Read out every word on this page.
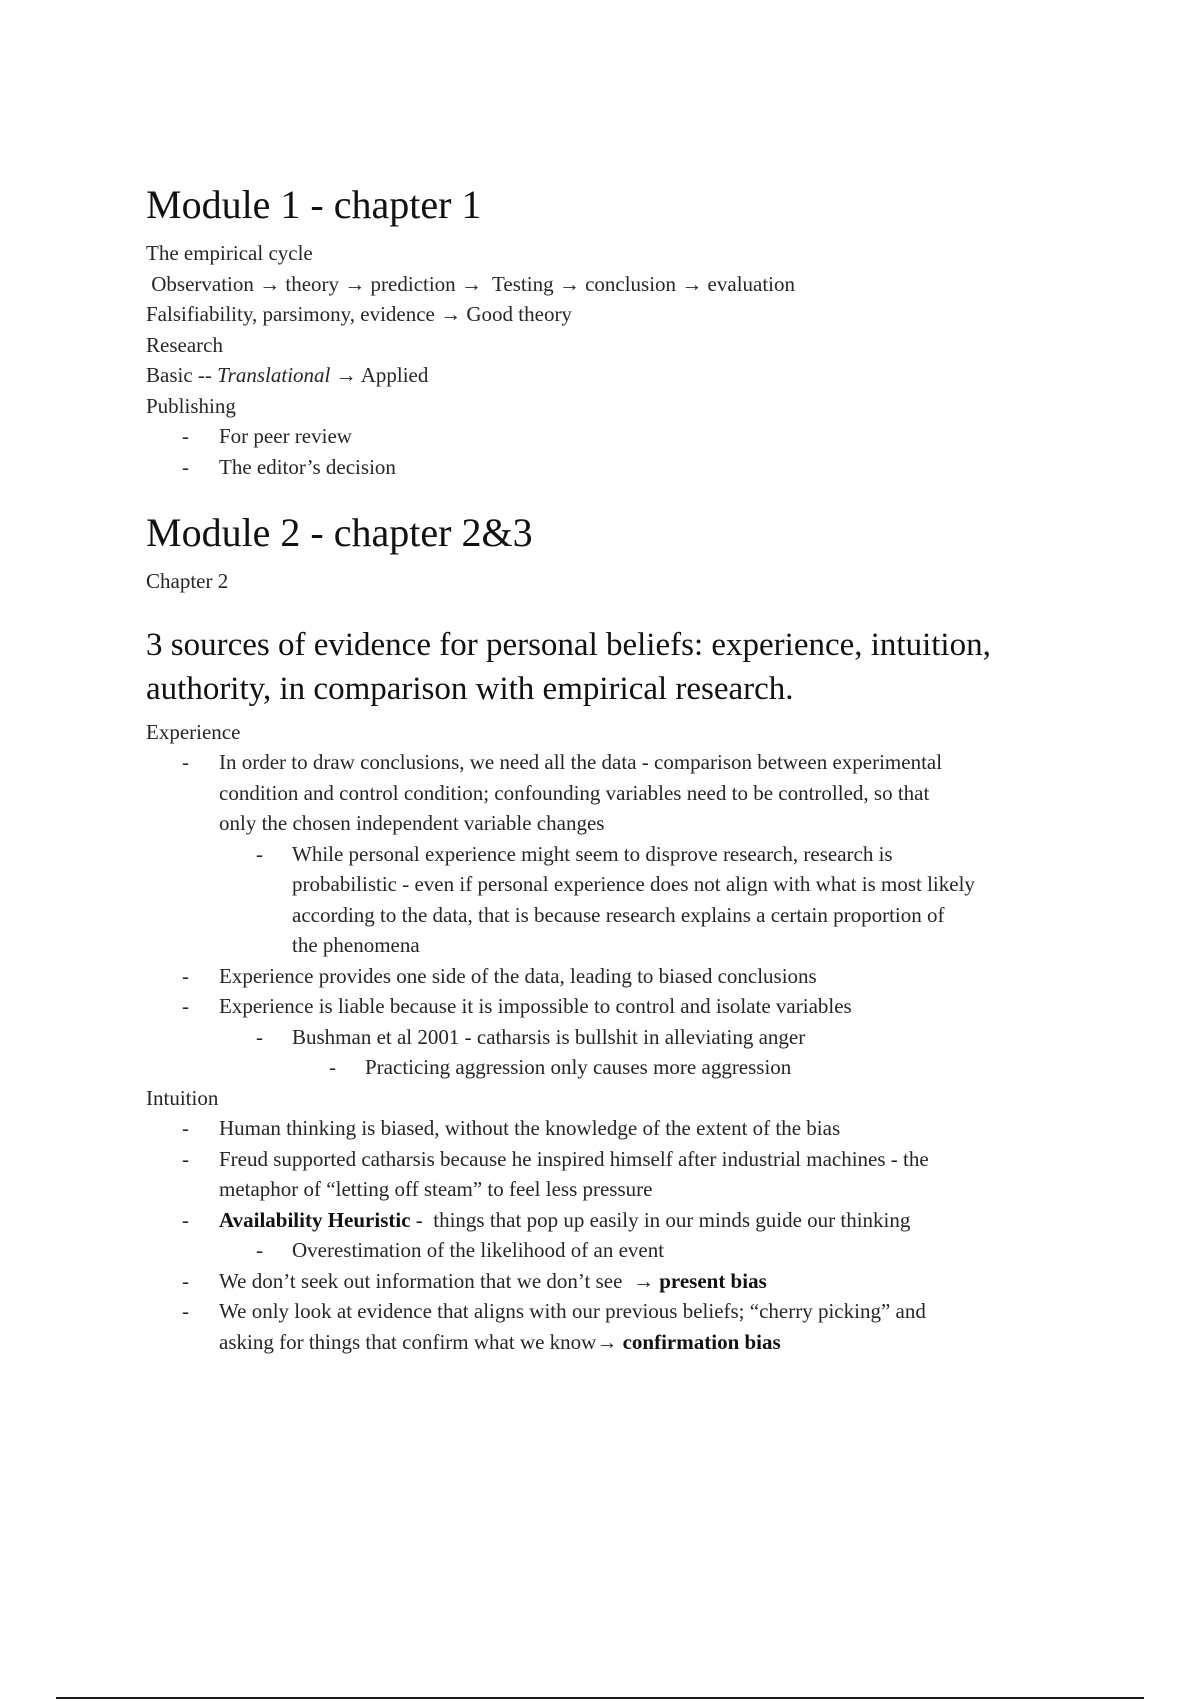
Module 1 - chapter 1

The empirical cycle

Observation → theory → prediction →  Testing → conclusion → evaluation

Falsifiability, parsimony, evidence → Good theory

Research

Basic -- Translational → Applied

Publishing

- For peer review

- The editor’s decision

Module 2 - chapter 2&3

Chapter 2

3 sources of evidence for personal beliefs: experience, intuition,
authority, in comparison with empirical research.

Experience

- In order to draw conclusions, we need all the data - comparison between experimental

condition and control condition; confounding variables need to be controlled, so that

only the chosen independent variable changes

- While personal experience might seem to disprove research, research is

probabilistic - even if personal experience does not align with what is most likely

according to the data, that is because research explains a certain proportion of

the phenomena

- Experience provides one side of the data, leading to biased conclusions

- Experience is liable because it is impossible to control and isolate variables

- Bushman et al 2001 - catharsis is bullshit in alleviating anger

- Practicing aggression only causes more aggression

Intuition

- Human thinking is biased, without the knowledge of the extent of the bias

- Freud supported catharsis because he inspired himself after industrial machines - the

metaphor of “letting off steam” to feel less pressure

- Availability Heuristic -  things that pop up easily in our minds guide our thinking

- Overestimation of the likelihood of an event

- We don’t seek out information that we don’t see  → present bias

- We only look at evidence that aligns with our previous beliefs; “cherry picking” and

asking for things that confirm what we know→ confirmation bias
